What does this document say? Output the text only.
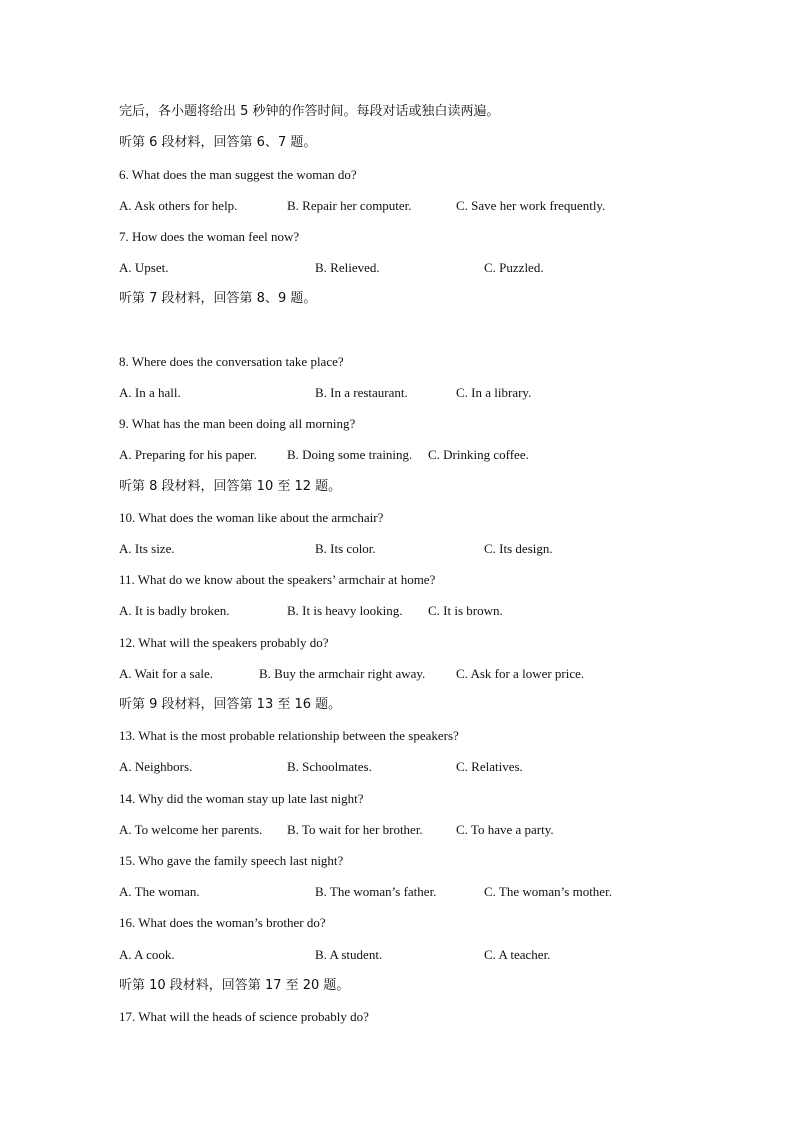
完后，各小题将给出 5 秒钟的作答时间。每段对话或独白读两遍。
听第 6 段材料，回答第 6、7 题。
6. What does the man suggest the woman do?
A. Ask others for help.	B. Repair her computer.	C. Save her work frequently.
7. How does the woman feel now?
A. Upset.	B. Relieved.	C. Puzzled.
听第 7 段材料，回答第 8、9 题。
8. Where does the conversation take place?
A. In a hall.	B. In a restaurant.	C. In a library.
9. What has the man been doing all morning?
A. Preparing for his paper. B. Doing some training. C. Drinking coffee.
听第 8 段材料，回答第 10 至 12 题。
10. What does the woman like about the armchair?
A. Its size.	B. Its color.	C. Its design.
11. What do we know about the speakers’ armchair at home?
A. It is badly broken.	B. It is heavy looking. C. It is brown.
12. What will the speakers probably do?
A. Wait for a sale.	B. Buy the armchair right away. C. Ask for a lower price.
听第 9 段材料，回答第 13 至 16 题。
13. What is the most probable relationship between the speakers?
A. Neighbors.	B. Schoolmates.	C. Relatives.
14. Why did the woman stay up late last night?
A. To welcome her parents. B. To wait for her brother.	C. To have a party.
15. Who gave the family speech last night?
A. The woman.	B. The woman’s father.	C. The woman’s mother.
16. What does the woman’s brother do?
A. A cook.	B. A student.	C. A teacher.
听第 10 段材料，回答第 17 至 20 题。
17. What will the heads of science probably do?
